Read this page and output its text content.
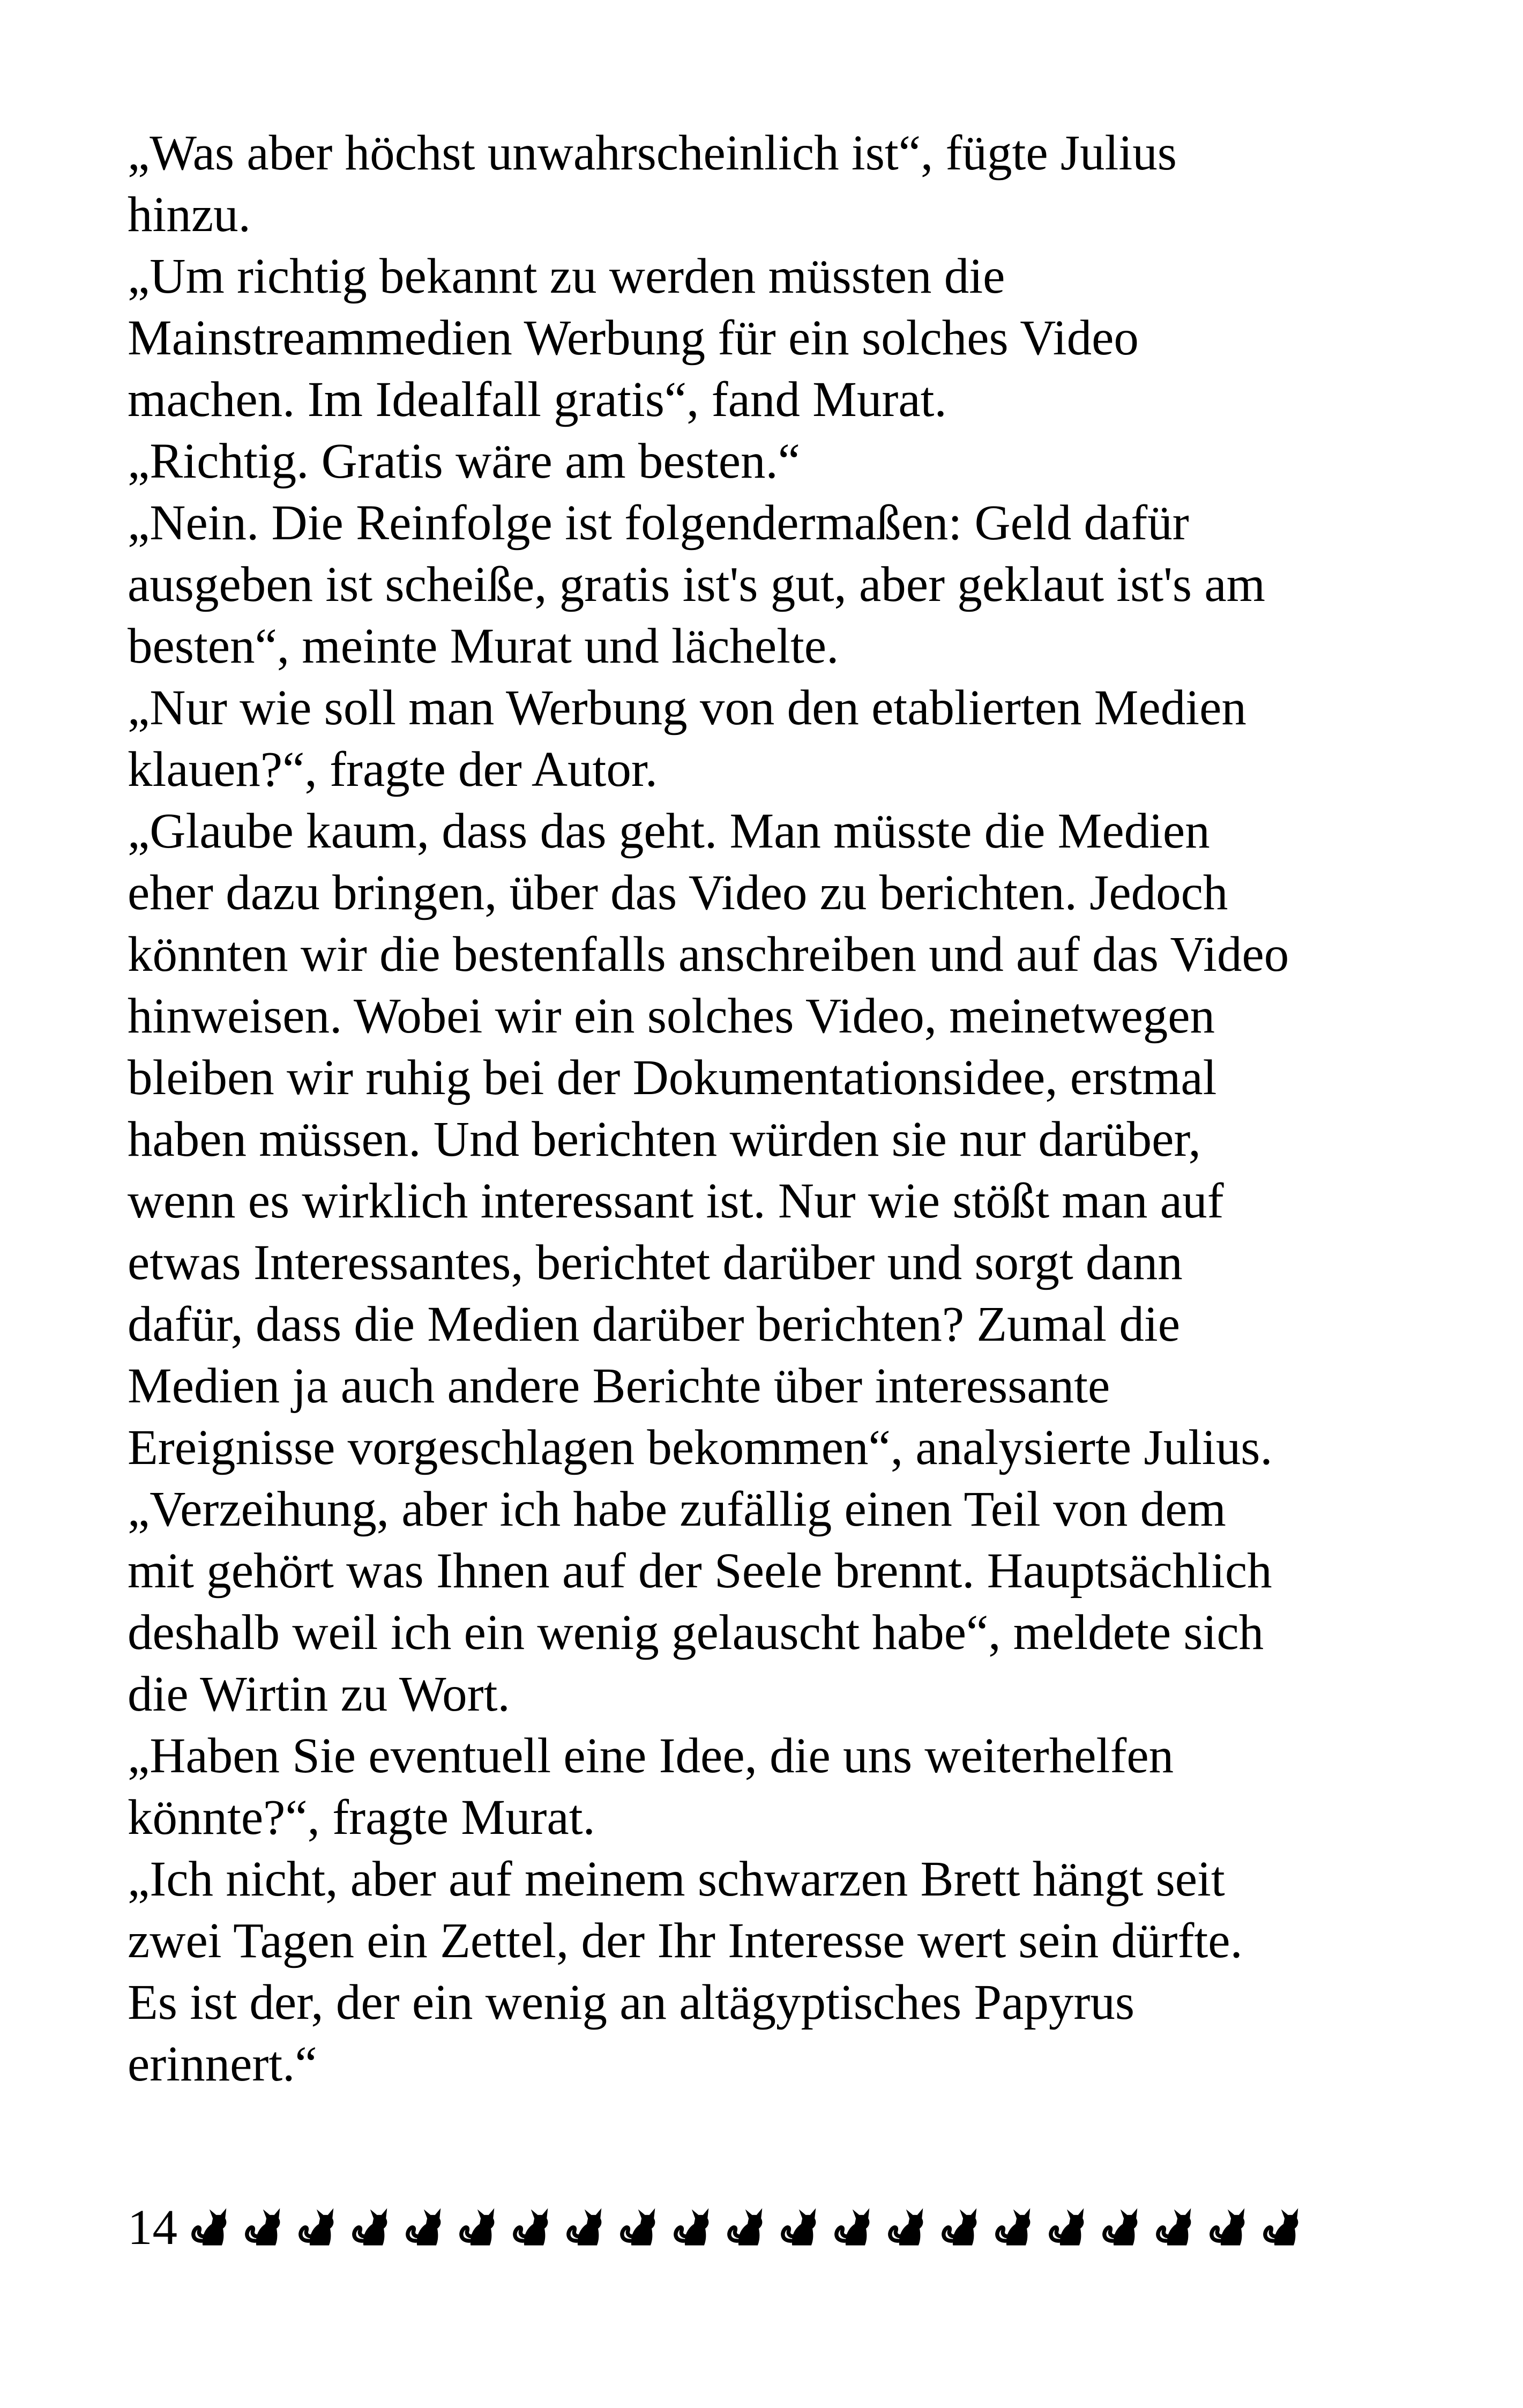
„Was aber höchst unwahrscheinlich ist“, fügte Julius
hinzu.
„Um richtig bekannt zu werden müssten die
Mainstreammedien Werbung für ein solches Video
machen. Im Idealfall gratis“, fand Murat.
„Richtig. Gratis wäre am besten.“
„Nein. Die Reinfolge ist folgendermaßen: Geld dafür
ausgeben ist scheiße, gratis ist's gut, aber geklaut ist's am
besten“, meinte Murat und lächelte.
„Nur wie soll man Werbung von den etablierten Medien
klauen?“, fragte der Autor.
„Glaube kaum, dass das geht. Man müsste die Medien
eher dazu bringen, über das Video zu berichten. Jedoch
könnten wir die bestenfalls anschreiben und auf das Video
hinweisen. Wobei wir ein solches Video, meinetwegen
bleiben wir ruhig bei der Dokumentationsidee, erstmal
haben müssen. Und berichten würden sie nur darüber,
wenn es wirklich interessant ist. Nur wie stößt man auf
etwas Interessantes, berichtet darüber und sorgt dann
dafür, dass die Medien darüber berichten? Zumal die
Medien ja auch andere Berichte über interessante
Ereignisse vorgeschlagen bekommen“, analysierte Julius.
„Verzeihung, aber ich habe zufällig einen Teil von dem
mit gehört was Ihnen auf der Seele brennt. Hauptsächlich
deshalb weil ich ein wenig gelauscht habe“, meldete sich
die Wirtin zu Wort.
„Haben Sie eventuell eine Idee, die uns weiterhelfen
könnte?“, fragte Murat.
„Ich nicht, aber auf meinem schwarzen Brett hängt seit
zwei Tagen ein Zettel, der Ihr Interesse wert sein dürfte.
Es ist der, der ein wenig an altägyptisches Papyrus
erinnert.“
14
